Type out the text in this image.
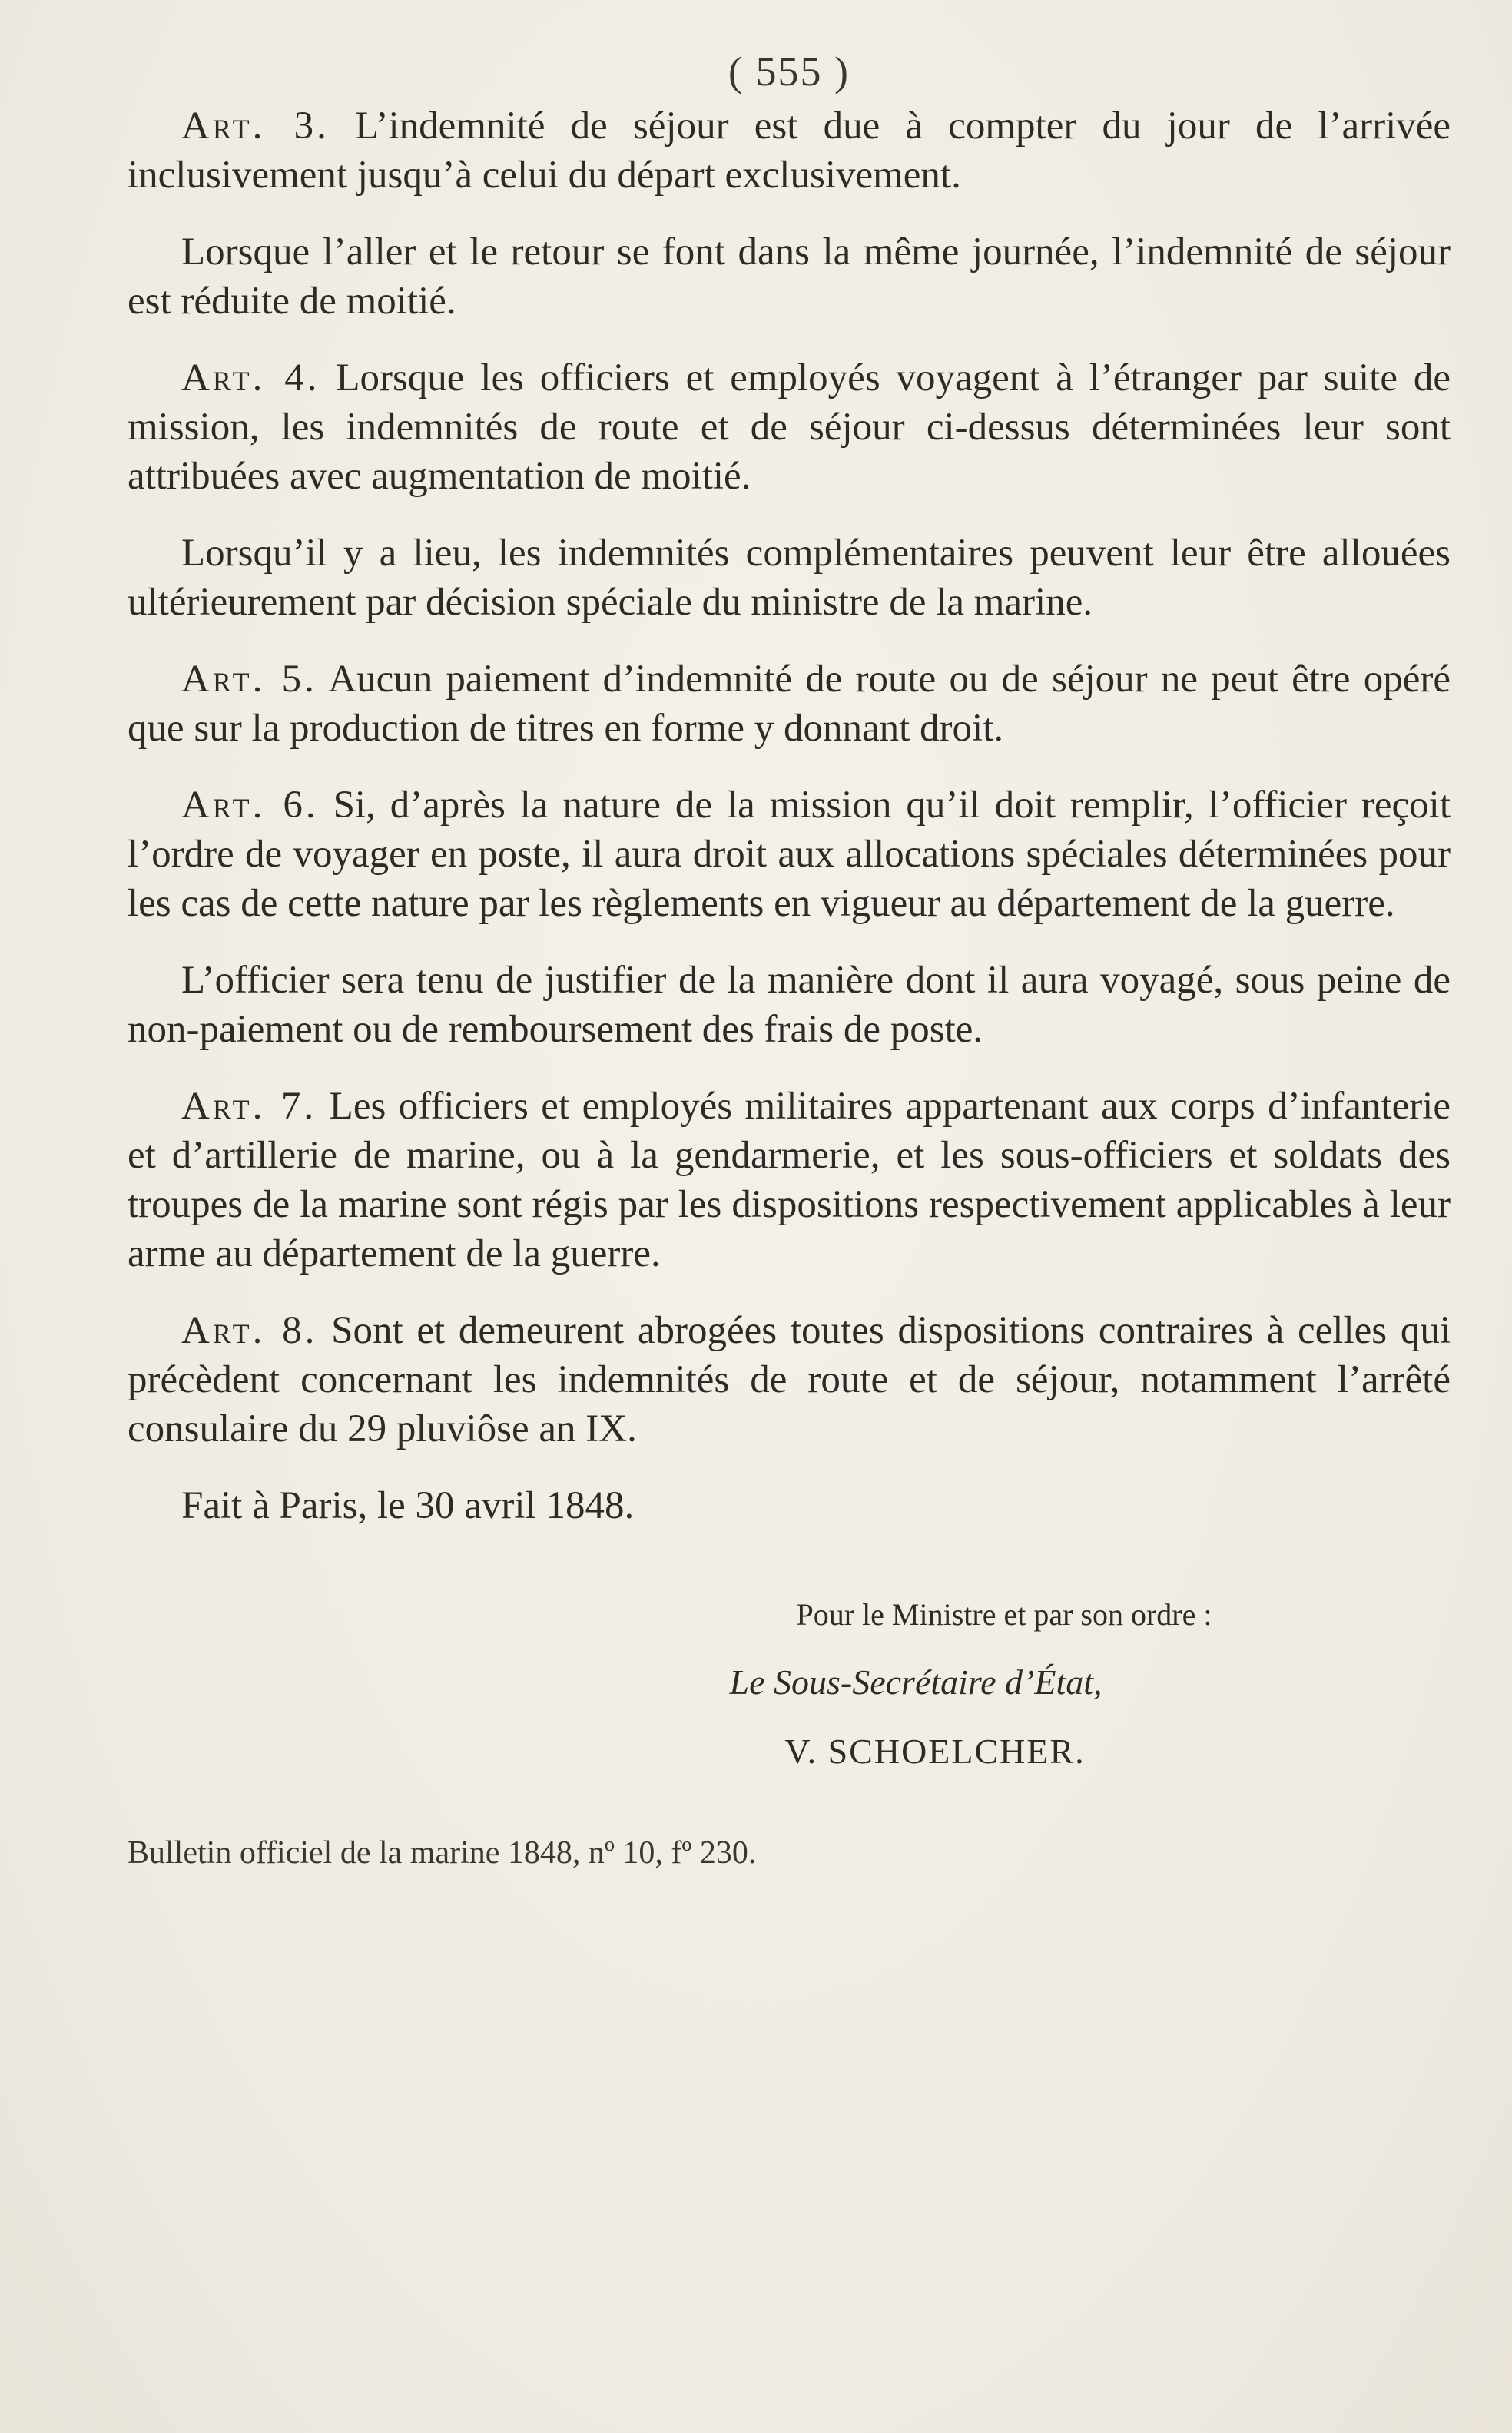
( 555 )

Art. 3. L’indemnité de séjour est due à compter du jour de l’arrivée inclusivement jusqu’à celui du départ exclusivement.

Lorsque l’aller et le retour se font dans la même journée, l’indemnité de séjour est réduite de moitié.

Art. 4. Lorsque les officiers et employés voyagent à l’étranger par suite de mission, les indemnités de route et de séjour ci-dessus déterminées leur sont attribuées avec augmentation de moitié.

Lorsqu’il y a lieu, les indemnités complémentaires peuvent leur être allouées ultérieurement par décision spéciale du ministre de la marine.

Art. 5. Aucun paiement d’indemnité de route ou de séjour ne peut être opéré que sur la production de titres en forme y donnant droit.

Art. 6. Si, d’après la nature de la mission qu’il doit remplir, l’officier reçoit l’ordre de voyager en poste, il aura droit aux allocations spéciales déterminées pour les cas de cette nature par les règlements en vigueur au département de la guerre.

L’officier sera tenu de justifier de la manière dont il aura voyagé, sous peine de non-paiement ou de remboursement des frais de poste.

Art. 7. Les officiers et employés militaires appartenant aux corps d’infanterie et d’artillerie de marine, ou à la gendarmerie, et les sous-officiers et soldats des troupes de la marine sont régis par les dispositions respectivement applicables à leur arme au département de la guerre.

Art. 8. Sont et demeurent abrogées toutes dispositions contraires à celles qui précèdent concernant les indemnités de route et de séjour, notamment l’arrêté consulaire du 29 pluviôse an IX.

Fait à Paris, le 30 avril 1848.

Pour le Ministre et par son ordre :
Le Sous-Secrétaire d’État,
V. SCHOELCHER.
Bulletin officiel de la marine 1848, nº 10, fº 230.
